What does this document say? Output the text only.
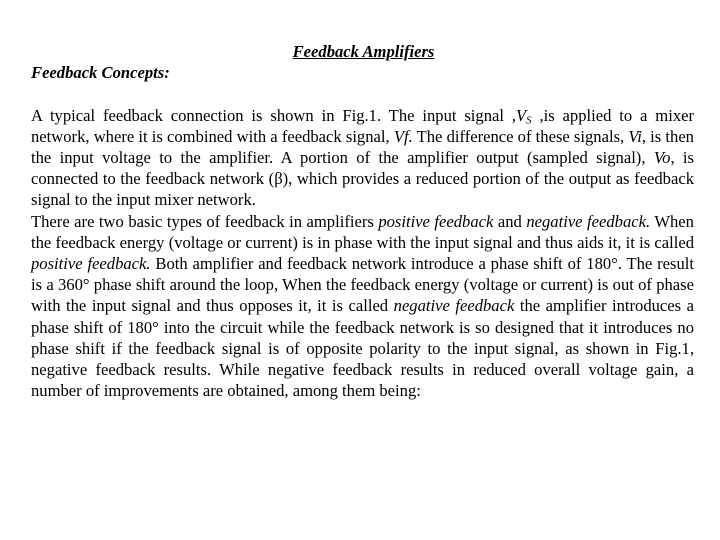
Feedback Amplifiers
Feedback Concepts:

A typical feedback connection is shown in Fig.1. The input signal $,V_S$ ,is applied to a mixer network, where it is combined with a feedback signal, Vf. The difference of these signals, Vi, is then the input voltage to the amplifier. A portion of the amplifier output (sampled signal), Vo, is connected to the feedback network (β), which provides a reduced portion of the output as feedback signal to the input mixer network.

There are two basic types of feedback in amplifiers positive feedback and negative feedback. When the feedback energy (voltage or current) is in phase with the input signal and thus aids it, it is called positive feedback. Both amplifier and feedback network introduce a phase shift of 180°. The result is a 360° phase shift around the loop, When the feedback energy (voltage or current) is out of phase with the input signal and thus opposes it, it is called negative feedback the amplifier introduces a phase shift of 180° into the circuit while the feedback network is so designed that it introduces no phase shift if the feedback signal is of opposite polarity to the input signal, as shown in Fig.1, negative feedback results. While negative feedback results in reduced overall voltage gain, a number of improvements are obtained, among them being:
